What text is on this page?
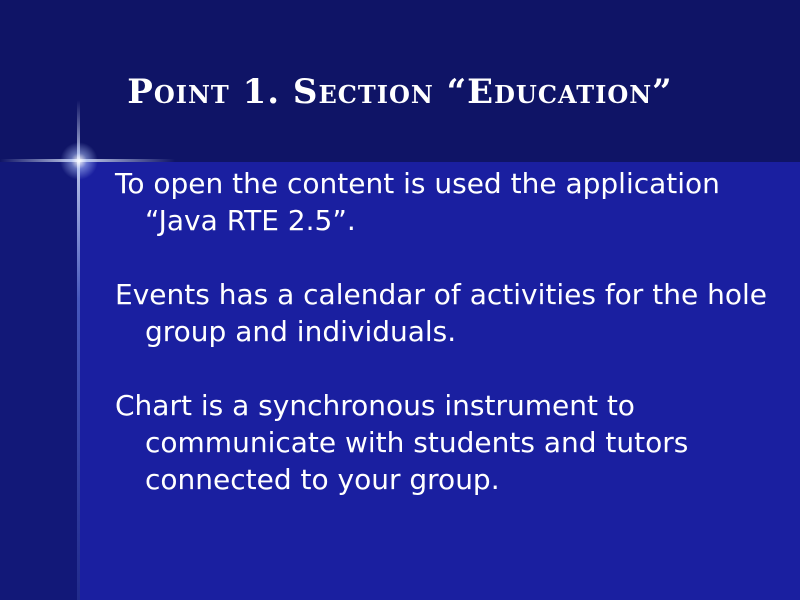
Point 1. Section “Education”

To open the content is used the application “Java RTE 2.5”.

Events has a calendar of activities for the hole group and individuals.

Chart is a synchronous instrument to communicate with students and tutors connected to your group.
